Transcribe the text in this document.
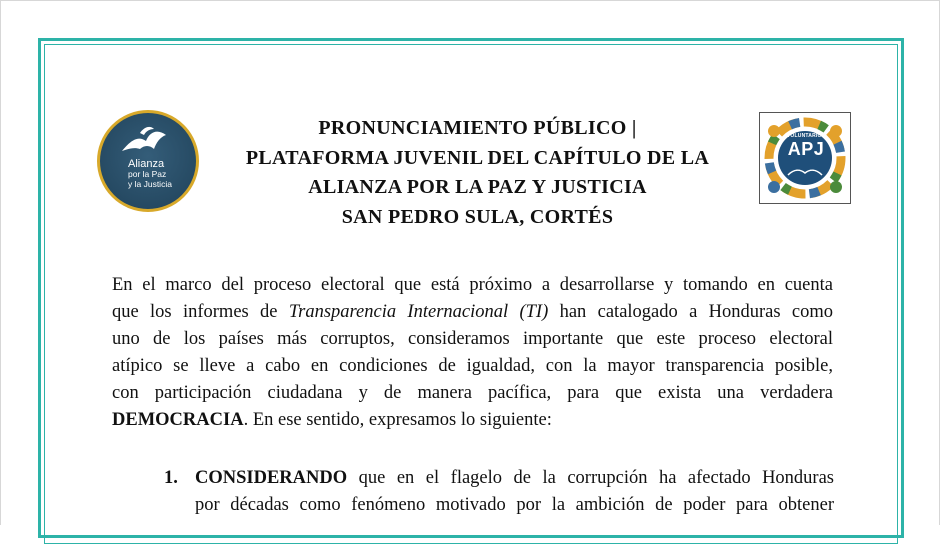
Alianza
por la Paz
y la Justicia
PRONUNCIAMIENTO PÚBLICO |
PLATAFORMA JUVENIL DEL CAPÍTULO DE LA
ALIANZA POR LA PAZ Y JUSTICIA
SAN PEDRO SULA, CORTÉS
VOLUNTARIOS
APJ
En el marco del proceso electoral que está próximo a desarrollarse y tomando en cuenta
que los informes de Transparencia Internacional (TI) han catalogado a Honduras como
uno de los países más corruptos, consideramos importante que este proceso electoral
atípico se lleve a cabo en condiciones de igualdad, con la mayor transparencia posible,
con participación ciudadana y de manera pacífica, para que exista una verdadera
DEMOCRACIA. En ese sentido, expresamos lo siguiente:
1. CONSIDERANDO que en el flagelo de la corrupción ha afectado Honduras
por décadas como fenómeno motivado por la ambición de poder para obtener
